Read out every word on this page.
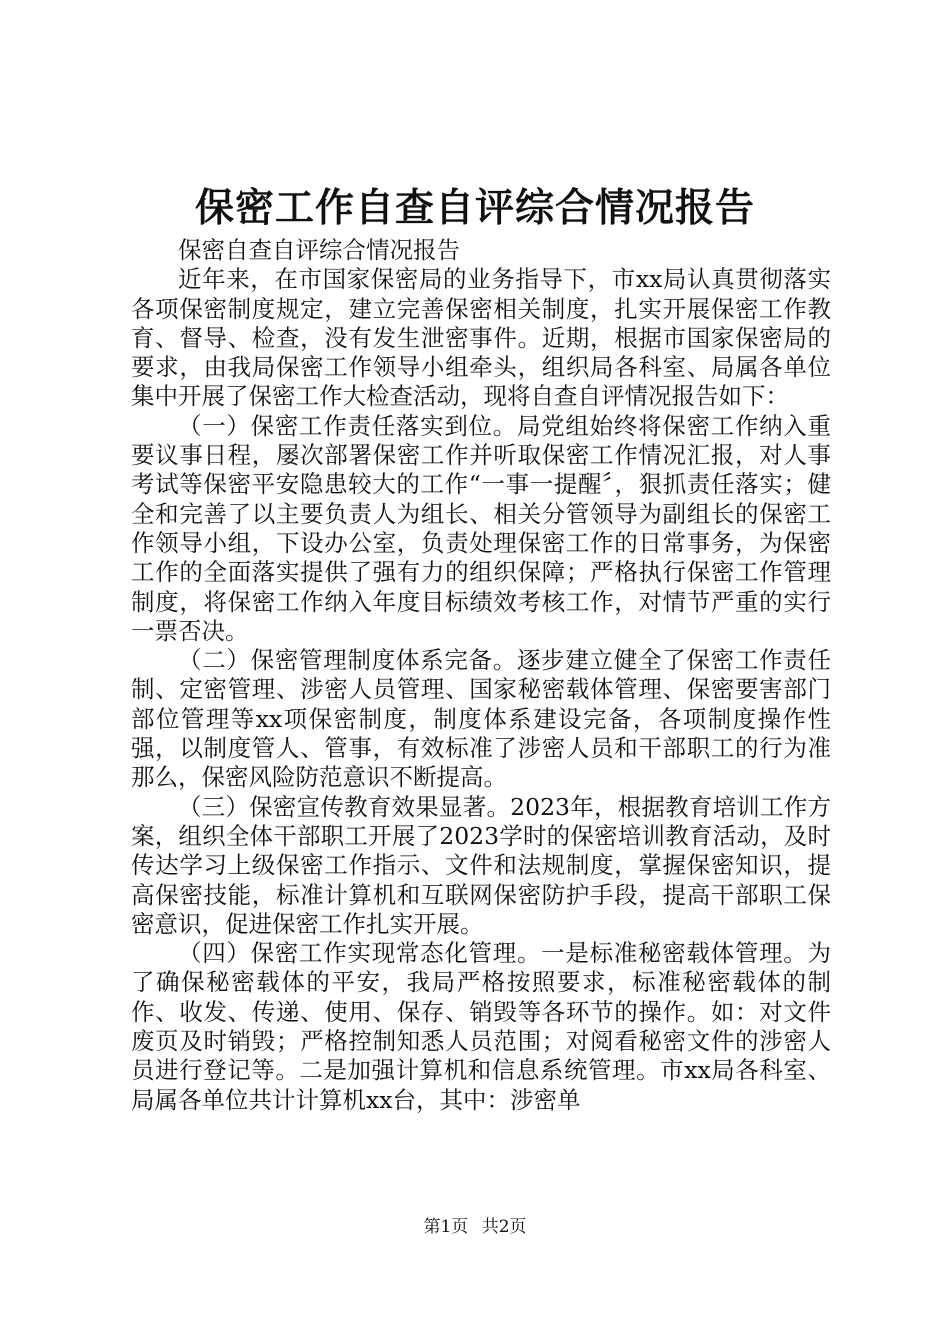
保密工作自查自评综合情况报告

保密自查自评综合情况报告

近年来，在市国家保密局的业务指导下，市xx局认真贯彻落实各项保密制度规定，建立完善保密相关制度，扎实开展保密工作教育、督导、检查，没有发生泄密事件。近期，根据市国家保密局的要求，由我局保密工作领导小组牵头，组织局各科室、局属各单位集中开展了保密工作大检查活动，现将自查自评情况报告如下：

（一）保密工作责任落实到位。局党组始终将保密工作纳入重要议事日程，屡次部署保密工作并听取保密工作情况汇报，对人事考试等保密平安隐患较大的工作“一事一提醒〞，狠抓责任落实；健全和完善了以主要负责人为组长、相关分管领导为副组长的保密工作领导小组，下设办公室，负责处理保密工作的日常事务，为保密工作的全面落实提供了强有力的组织保障；严格执行保密工作管理制度，将保密工作纳入年度目标绩效考核工作，对情节严重的实行一票否决。

（二）保密管理制度体系完备。逐步建立健全了保密工作责任制、定密管理、涉密人员管理、国家秘密载体管理、保密要害部门部位管理等xx项保密制度，制度体系建设完备，各项制度操作性强，以制度管人、管事，有效标准了涉密人员和干部职工的行为准那么，保密风险防范意识不断提高。

（三）保密宣传教育效果显著。2023年，根据教育培训工作方案，组织全体干部职工开展了2023学时的保密培训教育活动，及时传达学习上级保密工作指示、文件和法规制度，掌握保密知识，提高保密技能，标准计算机和互联网保密防护手段，提高干部职工保密意识，促进保密工作扎实开展。

（四）保密工作实现常态化管理。一是标准秘密载体管理。为了确保秘密载体的平安，我局严格按照要求，标准秘密载体的制作、收发、传递、使用、保存、销毁等各环节的操作。如：对文件废页及时销毁；严格控制知悉人员范围；对阅看秘密文件的涉密人员进行登记等。二是加强计算机和信息系统管理。市xx局各科室、局属各单位共计计算机xx台，其中：涉密单

第1页 共2页
